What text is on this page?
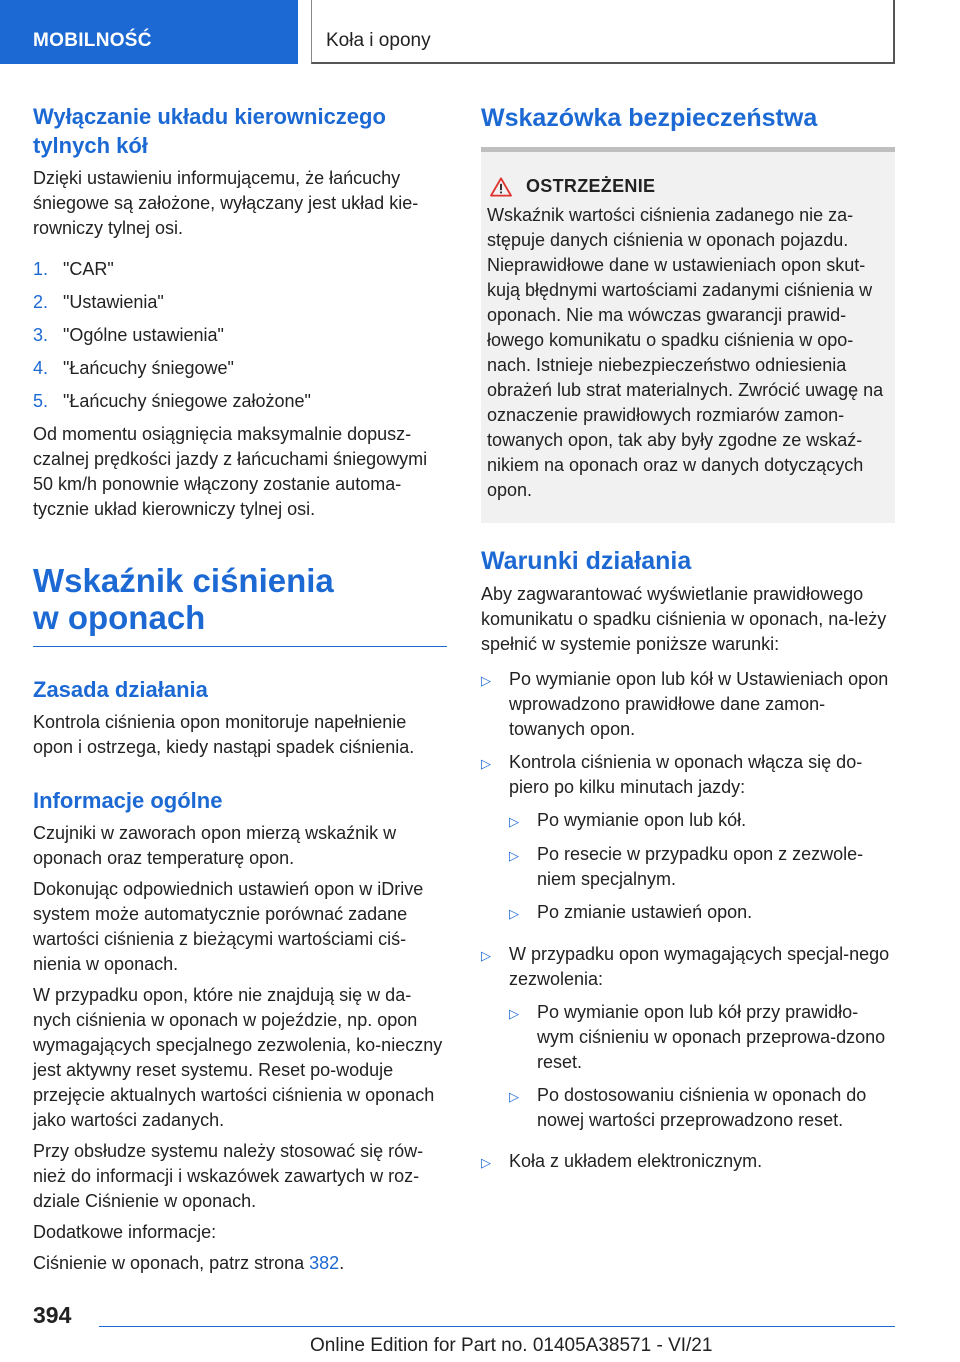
MOBILNOŚĆ	Koła i opony
Wyłączanie układu kierowniczego tylnych kół

Dzięki ustawieniu informującemu, że łańcuchy śniegowe są założone, wyłączany jest układ kie-rowniczy tylnej osi.

1. "CAR"
2. "Ustawienia"
3. "Ogólne ustawienia"
4. "Łańcuchy śniegowe"
5. "Łańcuchy śniegowe założone"

Od momentu osiągnięcia maksymalnie dopusz-czalnej prędkości jazdy z łańcuchami śniegowymi 50 km/h ponownie włączony zostanie automa-tycznie układ kierowniczy tylnej osi.

Wskaźnik ciśnienia
w oponach
Zasada działania

Kontrola ciśnienia opon monitoruje napełnienie opon i ostrzega, kiedy nastąpi spadek ciśnienia.

Informacje ogólne

Czujniki w zaworach opon mierzą wskaźnik w oponach oraz temperaturę opon.

Dokonując odpowiednich ustawień opon w iDrive system może automatycznie porównać zadane wartości ciśnienia z bieżącymi wartościami ciś-nienia w oponach.

W przypadku opon, które nie znajdują się w da-nych ciśnienia w oponach w pojeździe, np. opon wymagających specjalnego zezwolenia, ko-nieczny jest aktywny reset systemu. Reset po-woduje przejęcie aktualnych wartości ciśnienia w oponach jako wartości zadanych.

Przy obsłudze systemu należy stosować się rów-nież do informacji i wskazówek zawartych w roz-dziale Ciśnienie w oponach.

Dodatkowe informacje:

Ciśnienie w oponach, patrz strona 382.

Wskazówka bezpieczeństwa
OSTRZEŻENIE

Wskaźnik wartości ciśnienia zadanego nie za-stępuje danych ciśnienia w oponach pojazdu. Nieprawidłowe dane w ustawieniach opon skut-kują błędnymi wartościami zadanymi ciśnienia w oponach. Nie ma wówczas gwarancji prawid-łowego komunikatu o spadku ciśnienia w opo-nach. Istnieje niebezpieczeństwo odniesienia obrażeń lub strat materialnych. Zwrócić uwagę na oznaczenie prawidłowych rozmiarów zamon-towanych opon, tak aby były zgodne ze wskaź-nikiem na oponach oraz w danych dotyczących opon.

Warunki działania

Aby zagwarantować wyświetlanie prawidłowego komunikatu o spadku ciśnienia w oponach, na-leży spełnić w systemie poniższe warunki:

▷	Po wymianie opon lub kół w Ustawieniach opon wprowadzono prawidłowe dane zamon-towanych opon.
▷	Kontrola ciśnienia w oponach włącza się do-piero po kilku minutach jazdy:
▷	Po wymianie opon lub kół.
▷	Po resecie w przypadku opon z zezwole-niem specjalnym.
▷	Po zmianie ustawień opon.
▷	W przypadku opon wymagających specjal-nego zezwolenia:
▷	Po wymianie opon lub kół przy prawidło-wym ciśnieniu w oponach przeprowa-dzono reset.
▷	Po dostosowaniu ciśnienia w oponach do nowej wartości przeprowadzono reset.
▷	Koła z układem elektronicznym.
394
Online Edition for Part no. 01405A38571 - VI/21
